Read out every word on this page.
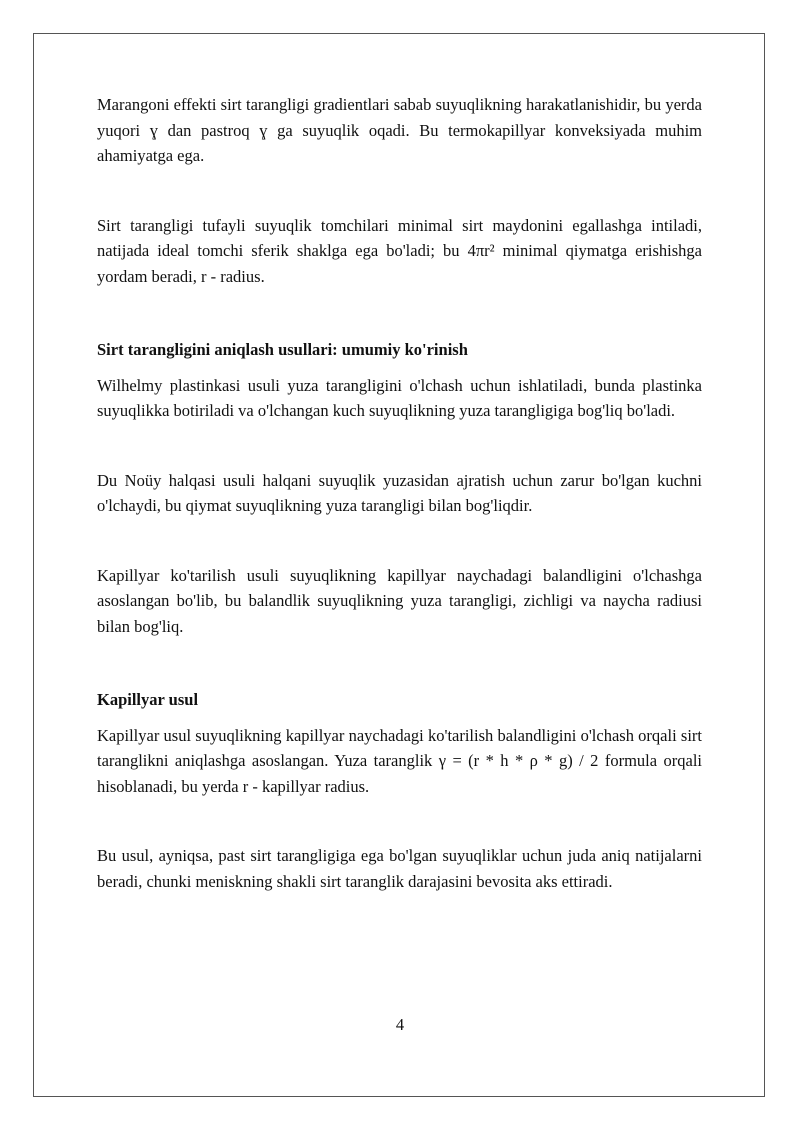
Marangoni effekti sirt tarangligi gradientlari sabab suyuqlikning harakatlanishidir, bu yerda yuqori ɣ dan pastroq ɣ ga suyuqlik oqadi. Bu termokapillyar konveksiyada muhim ahamiyatga ega.

Sirt tarangligi tufayli suyuqlik tomchilari minimal sirt maydonini egallashga intiladi, natijada ideal tomchi sferik shaklga ega bo'ladi; bu 4πr² minimal qiymatga erishishga yordam beradi, r - radius.

Sirt tarangligini aniqlash usullari: umumiy ko'rinish

Wilhelmy plastinkasi usuli yuza tarangligini o'lchash uchun ishlatiladi, bunda plastinka suyuqlikka botiriladi va o'lchangan kuch suyuqlikning yuza tarangligiga bog'liq bo'ladi.

Du Noüy halqasi usuli halqani suyuqlik yuzasidan ajratish uchun zarur bo'lgan kuchni o'lchaydi, bu qiymat suyuqlikning yuza tarangligi bilan bog'liqdir.

Kapillyar ko'tarilish usuli suyuqlikning kapillyar naychadagi balandligini o'lchashga asoslangan bo'lib, bu balandlik suyuqlikning yuza tarangligi, zichligi va naycha radiusi bilan bog'liq.

Kapillyar usul

Kapillyar usul suyuqlikning kapillyar naychadagi ko'tarilish balandligini o'lchash orqali sirt taranglikni aniqlashga asoslangan. Yuza taranglik γ = (r * h * ρ * g) / 2 formula orqali hisoblanadi, bu yerda r - kapillyar radius.

Bu usul, ayniqsa, past sirt tarangligiga ega bo'lgan suyuqliklar uchun juda aniq natijalarni beradi, chunki meniskning shakli sirt taranglik darajasini bevosita aks ettiradi.

4
